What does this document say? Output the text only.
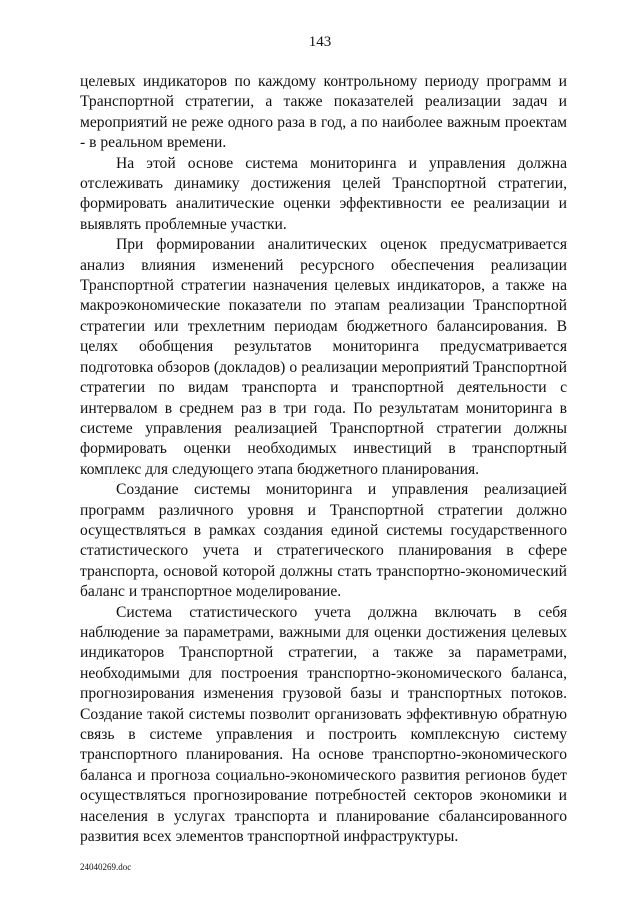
143

целевых индикаторов по каждому контрольному периоду программ и Транспортной стратегии, а также показателей реализации задач и мероприятий не реже одного раза в год, а по наиболее важным проектам - в реальном времени.

На этой основе система мониторинга и управления должна отслеживать динамику достижения целей Транспортной стратегии, формировать аналитические оценки эффективности ее реализации и выявлять проблемные участки.

При формировании аналитических оценок предусматривается анализ влияния изменений ресурсного обеспечения реализации Транспортной стратегии назначения целевых индикаторов, а также на макроэкономические показатели по этапам реализации Транспортной стратегии или трехлетним периодам бюджетного балансирования. В целях обобщения результатов мониторинга предусматривается подготовка обзоров (докладов) о реализации мероприятий Транспортной стратегии по видам транспорта и транспортной деятельности с интервалом в среднем раз в три года. По результатам мониторинга в системе управления реализацией Транспортной стратегии должны формировать оценки необходимых инвестиций в транспортный комплекс для следующего этапа бюджетного планирования.

Создание системы мониторинга и управления реализацией программ различного уровня и Транспортной стратегии должно осуществляться в рамках создания единой системы государственного статистического учета и стратегического планирования в сфере транспорта, основой которой должны стать транспортно-экономический баланс и транспортное моделирование.

Система статистического учета должна включать в себя наблюдение за параметрами, важными для оценки достижения целевых индикаторов Транспортной стратегии, а также за параметрами, необходимыми для построения транспортно-экономического баланса, прогнозирования изменения грузовой базы и транспортных потоков. Создание такой системы позволит организовать эффективную обратную связь в системе управления и построить комплексную систему транспортного планирования. На основе транспортно-экономического баланса и прогноза социально-экономического развития регионов будет осуществляться прогнозирование потребностей секторов экономики и населения в услугах транспорта и планирование сбалансированного развития всех элементов транспортной инфраструктуры.

24040269.doc
